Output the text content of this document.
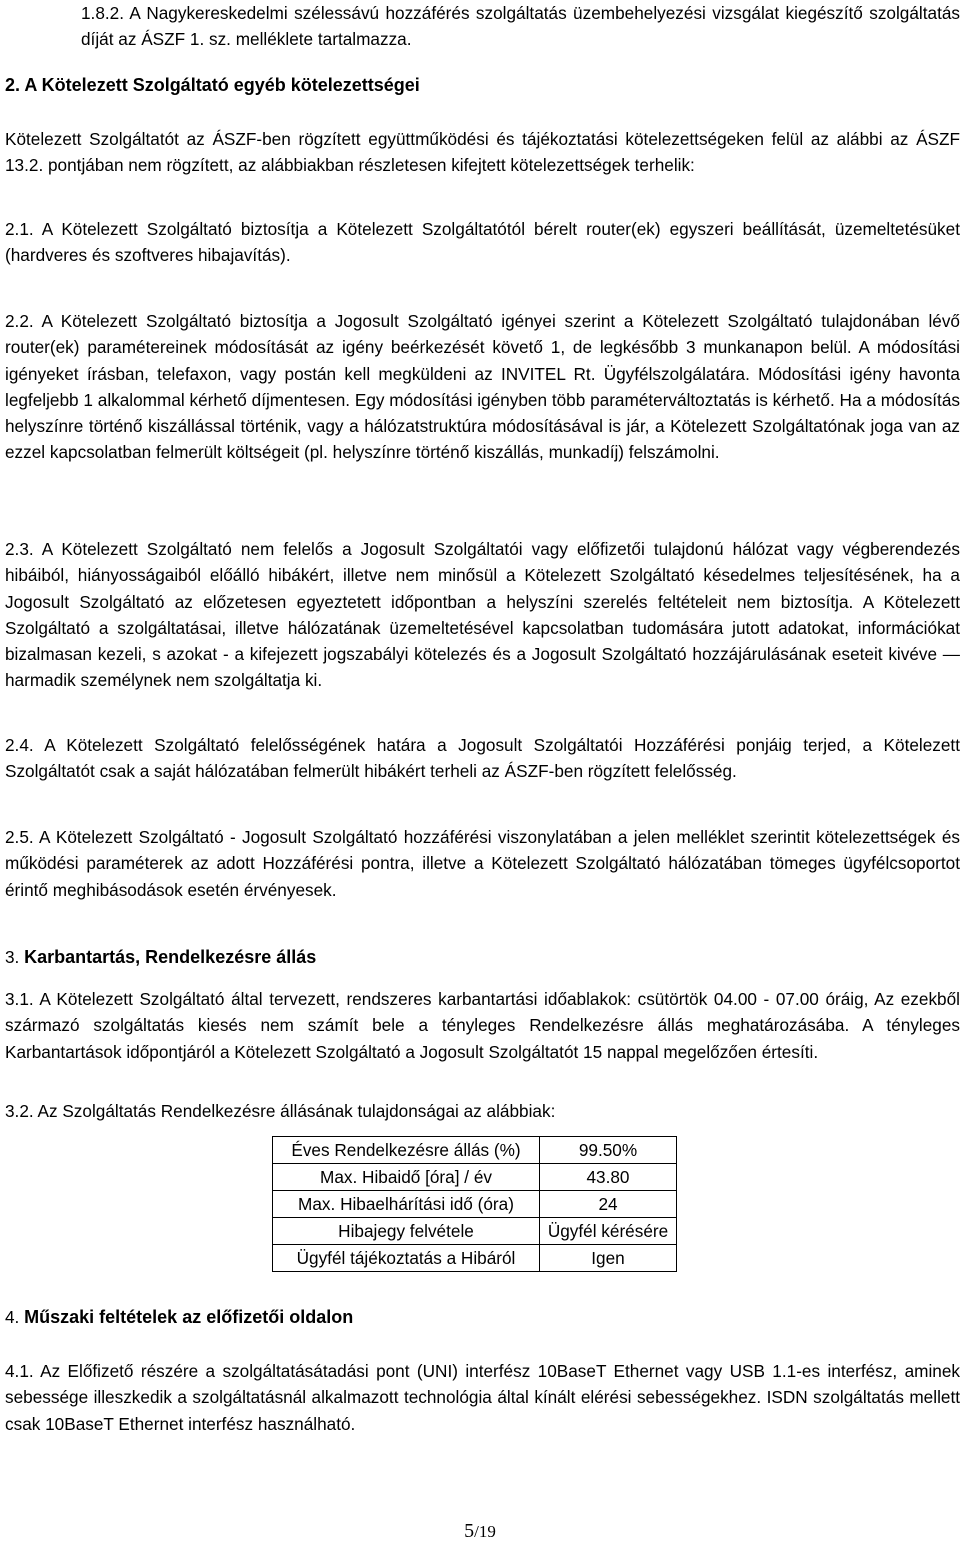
1.8.2. A Nagykereskedelmi szélessávú hozzáférés szolgáltatás üzembehelyezési vizsgálat kiegészítő szolgáltatás díját az ÁSZF 1. sz. melléklete tartalmazza.

2. A Kötelezett Szolgáltató egyéb kötelezettségei

Kötelezett Szolgáltatót az ÁSZF-ben rögzített együttműködési és tájékoztatási kötelezettségeken felül az alábbi az ÁSZF 13.2. pontjában nem rögzített, az alábbiakban részletesen kifejtett kötelezettségek terhelik:

2.1. A Kötelezett Szolgáltató biztosítja a Kötelezett Szolgáltatótól bérelt router(ek) egyszeri beállítását, üzemeltetésüket (hardveres és szoftveres hibajavítás).

2.2. A Kötelezett Szolgáltató biztosítja a Jogosult Szolgáltató igényei szerint a Kötelezett Szolgáltató tulajdonában lévő router(ek) paramétereinek módosítását az igény beérkezését követő 1, de legkésőbb 3 munkanapon belül. A módosítási igényeket írásban, telefaxon, vagy postán kell megküldeni az INVITEL Rt. Ügyfélszolgálatára. Módosítási igény havonta legfeljebb 1 alkalommal kérhető díjmentesen. Egy módosítási igényben több paraméterváltoztatás is kérhető. Ha a módosítás helyszínre történő kiszállással történik, vagy a hálózatstruktúra módosításával is jár, a Kötelezett Szolgáltatónak joga van az ezzel kapcsolatban felmerült költségeit (pl. helyszínre történő kiszállás, munkadíj) felszámolni.

2.3. A Kötelezett Szolgáltató nem felelős a Jogosult Szolgáltatói vagy előfizetői tulajdonú hálózat vagy végberendezés hibáiból, hiányosságaiból előálló hibákért, illetve nem minősül a Kötelezett Szolgáltató késedelmes teljesítésének, ha a Jogosult Szolgáltató az előzetesen egyeztetett időpontban a helyszíni szerelés feltételeit nem biztosítja. A Kötelezett Szolgáltató a szolgáltatásai, illetve hálózatának üzemeltetésével kapcsolatban tudomására jutott adatokat, információkat bizalmasan kezeli, s azokat - a kifejezett jogszabályi kötelezés és a Jogosult Szolgáltató hozzájárulásának eseteit kivéve — harmadik személynek nem szolgáltatja ki.

2.4. A Kötelezett Szolgáltató felelősségének határa a Jogosult Szolgáltatói Hozzáférési ponjáig terjed, a Kötelezett Szolgáltatót csak a saját hálózatában felmerült hibákért terheli az ÁSZF-ben rögzített felelősség.

2.5. A Kötelezett Szolgáltató - Jogosult Szolgáltató hozzáférési viszonylatában a jelen melléklet szerintit kötelezettségek és működési paraméterek az adott Hozzáférési pontra, illetve a Kötelezett Szolgáltató hálózatában tömeges ügyfélcsoportot érintő meghibásodások esetén érvényesek.

3. Karbantartás, Rendelkezésre állás

3.1. A Kötelezett Szolgáltató által tervezett, rendszeres karbantartási időablakok: csütörtök 04.00 - 07.00 óráig, Az ezekből származó szolgáltatás kiesés nem számít bele a tényleges Rendelkezésre állás meghatározásába. A tényleges Karbantartások időpontjáról a Kötelezett Szolgáltató a Jogosult Szolgáltatót 15 nappal megelőzően értesíti.

3.2. Az Szolgáltatás Rendelkezésre állásának tulajdonságai az alábbiak:

Éves Rendelkezésre állás (%)	99.50%
Max. Hibaidő [óra] / év	43.80
Max. Hibaelhárítási idő (óra)	24
Hibajegy felvétele	Ügyfél kérésére
Ügyfél tájékoztatás a Hibáról	Igen

4. Műszaki feltételek az előfizetői oldalon

4.1. Az Előfizető részére a szolgáltatásátadási pont (UNI) interfész 10BaseT Ethernet vagy USB 1.1-es interfész, aminek sebessége illeszkedik a szolgáltatásnál alkalmazott technológia által kínált elérési sebességekhez. ISDN szolgáltatás mellett csak 10BaseT Ethernet interfész használható.

5/19
